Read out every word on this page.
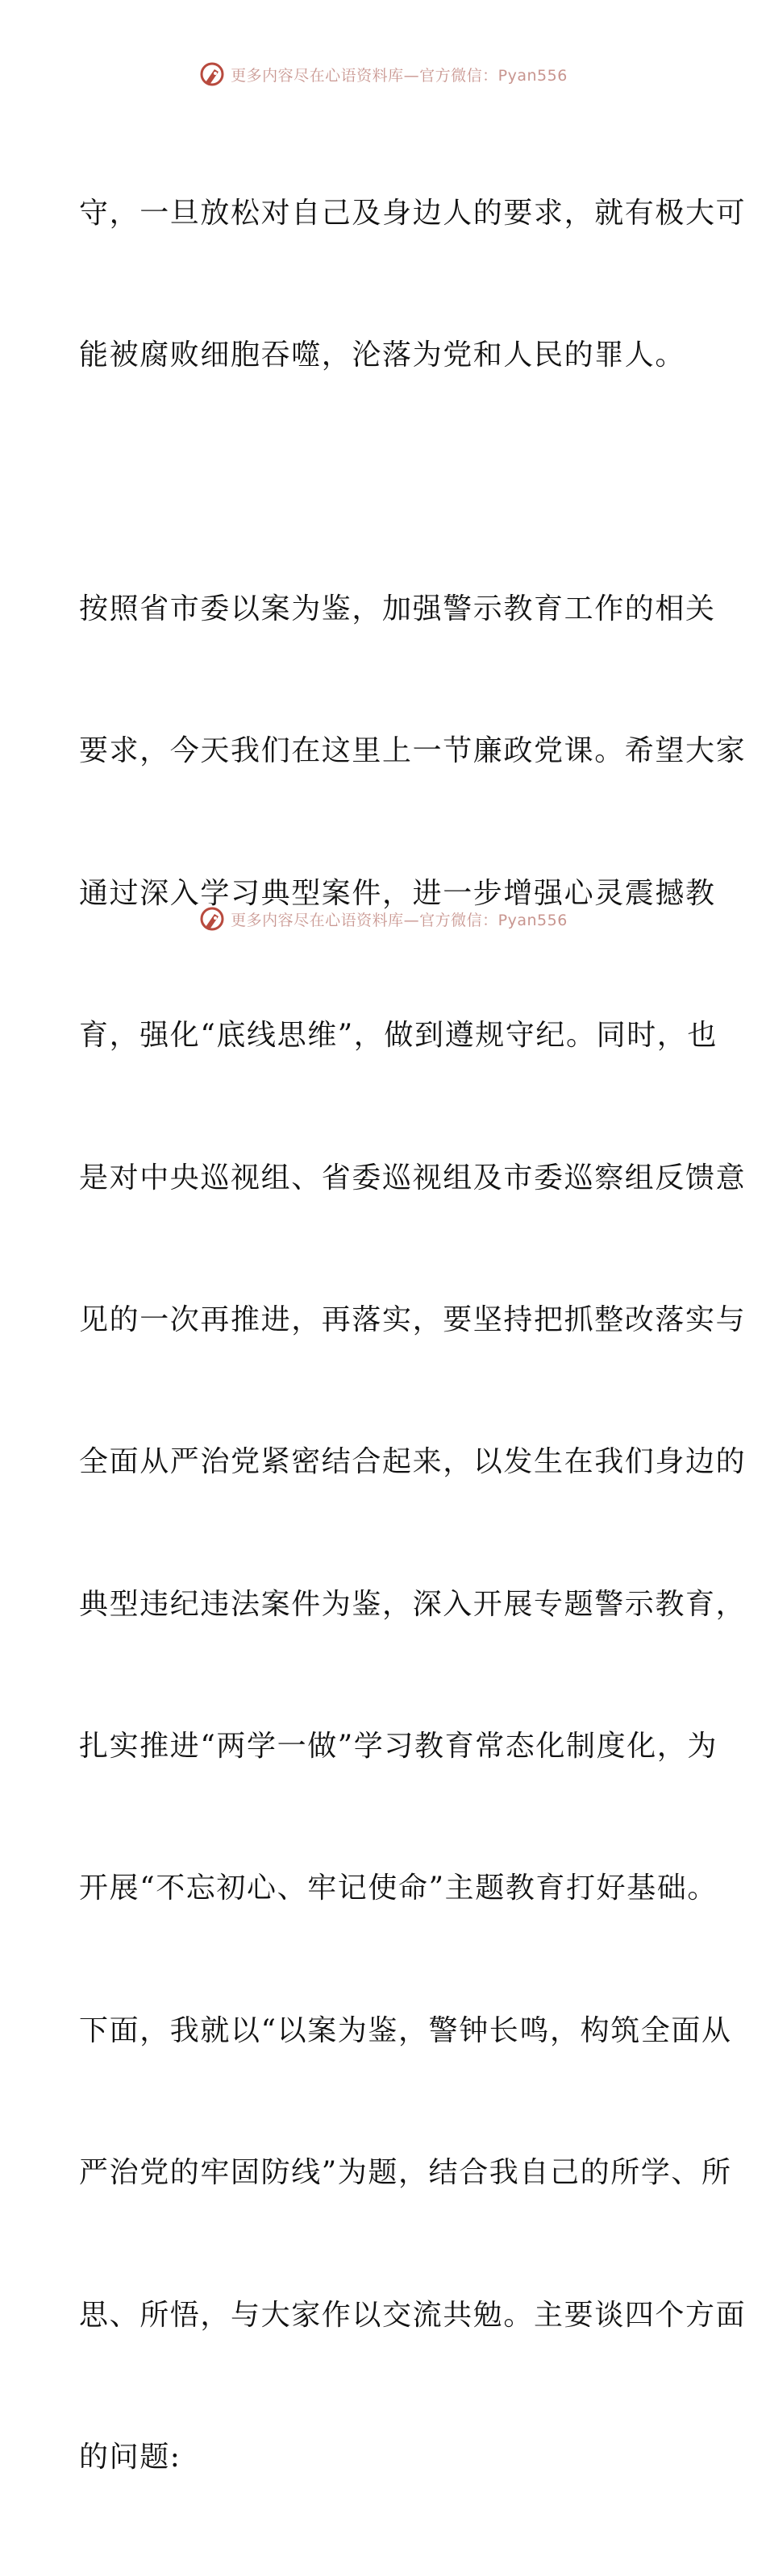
更多内容尽在心语资料库—官方微信：Pyan556

守，一旦放松对自己及身边人的要求，就有极大可

能被腐败细胞吞噬，沦落为党和人民的罪人。

按照省市委以案为鉴，加强警示教育工作的相关

要求，今天我们在这里上一节廉政党课。希望大家

通过深入学习典型案件，进一步增强心灵震撼教

育，强化“底线思维”，做到遵规守纪。同时，也

是对中央巡视组、省委巡视组及市委巡察组反馈意

见的一次再推进，再落实，要坚持把抓整改落实与

全面从严治党紧密结合起来，以发生在我们身边的

典型违纪违法案件为鉴，深入开展专题警示教育，

扎实推进“两学一做”学习教育常态化制度化，为

开展“不忘初心、牢记使命”主题教育打好基础。

下面，我就以“以案为鉴，警钟长鸣，构筑全面从

严治党的牢固防线”为题，结合我自己的所学、所

思、所悟，与大家作以交流共勉。主要谈四个方面

的问题:

更多内容尽在心语资料库—官方微信：Pyan556
